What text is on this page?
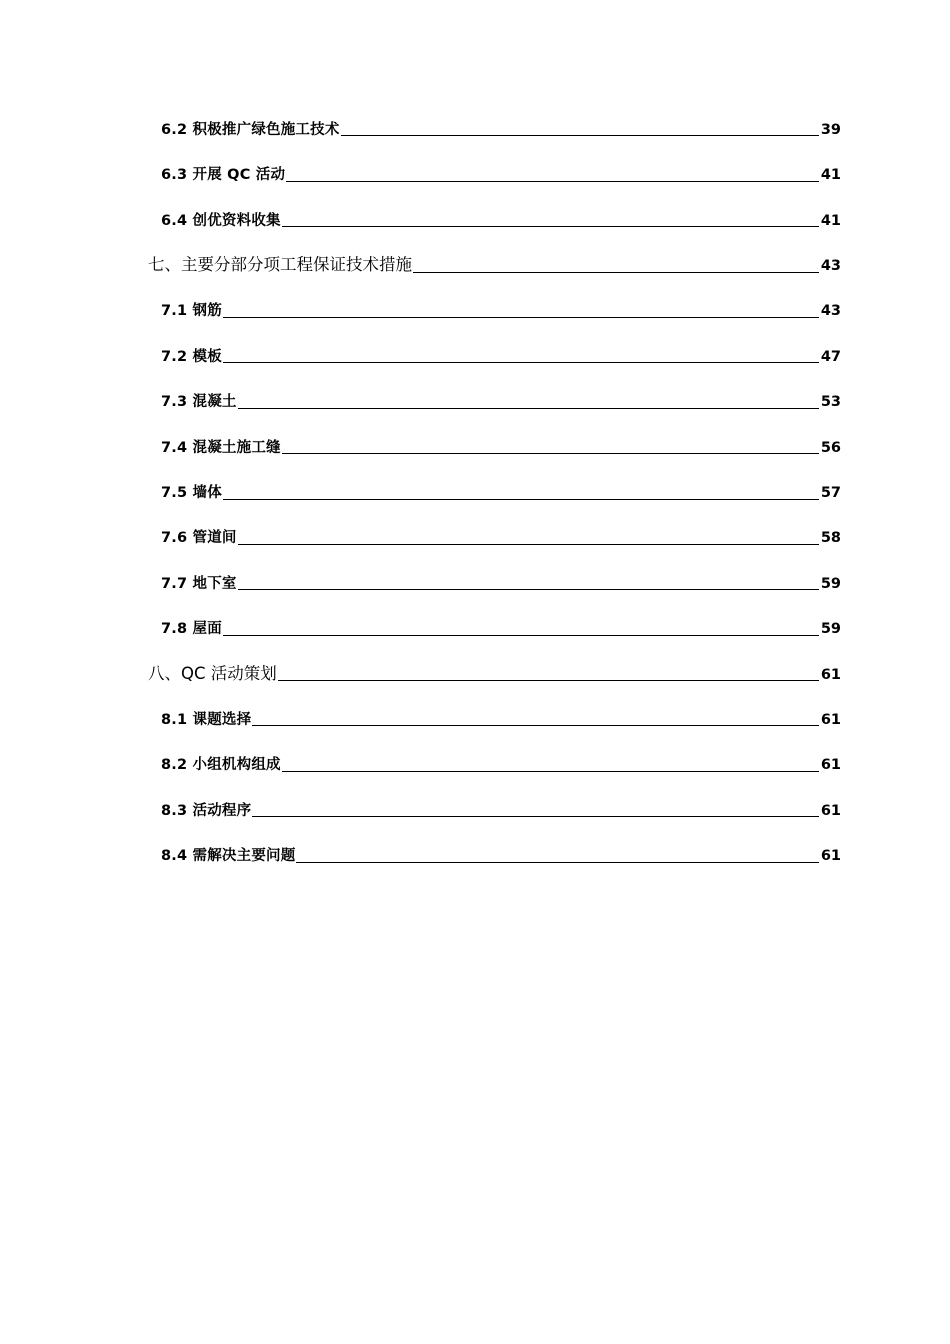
6.2 积极推广绿色施工技术	39
6.3 开展 QC 活动	41
6.4 创优资料收集	41
七、主要分部分项工程保证技术措施	43
7.1 钢筋	43
7.2 模板	47
7.3 混凝土	53
7.4 混凝土施工缝	56
7.5 墙体	57
7.6 管道间	58
7.7 地下室	59
7.8 屋面	59
八、QC 活动策划	61
8.1 课题选择	61
8.2 小组机构组成	61
8.3 活动程序	61
8.4 需解决主要问题	61
